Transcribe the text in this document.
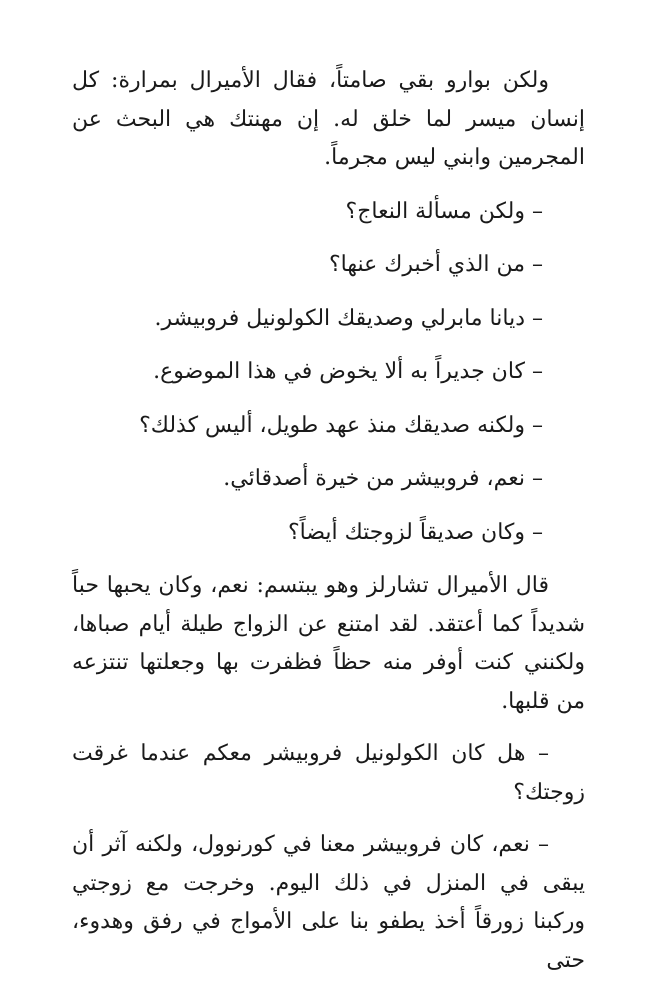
ولكن بوارو بقي صامتاً، فقال الأميرال بمرارة: كل إنسان ميسر لما خلق له. إن مهنتك هي البحث عن المجرمين وابني ليس مجرماً.

– ولكن مسألة النعاج؟

– من الذي أخبرك عنها؟

– ديانا مابرلي وصديقك الكولونيل فروبيشر.

– كان جديراً به ألا يخوض في هذا الموضوع.

– ولكنه صديقك منذ عهد طويل، أليس كذلك؟

– نعم، فروبيشر من خيرة أصدقائي.

– وكان صديقاً لزوجتك أيضاً؟

قال الأميرال تشارلز وهو يبتسم: نعم، وكان يحبها حباً شديداً كما أعتقد. لقد امتنع عن الزواج طيلة أيام صباها، ولكنني كنت أوفر منه حظاً فظفرت بها وجعلتها تنتزعه من قلبها.

– هل كان الكولونيل فروبيشر معكم عندما غرقت زوجتك؟

– نعم، كان فروبيشر معنا في كورنوول، ولكنه آثر أن يبقى في المنزل في ذلك اليوم. وخرجت مع زوجتي وركبنا زورقاً أخذ يطفو بنا على الأمواج في رفق وهدوء، حتى
